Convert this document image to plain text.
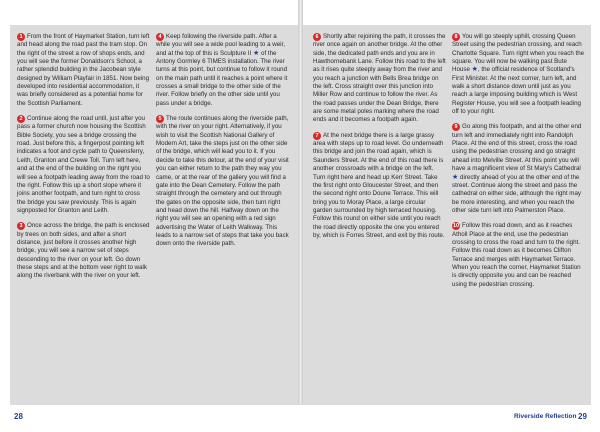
1 From the front of Haymarket Station, turn left and head along the road past the tram stop. On the right of the street a row of shops ends, and you will see the former Donaldson's School, a rather splendid building in the Jacobean style designed by William Playfair in 1851. Now being developed into residential accommodation, it was briefly considered as a potential home for the Scottish Parliament.

2 Continue along the road until, just after you pass a former church now housing the Scottish Bible Society, you see a bridge crossing the road. Just before this, a fingerpost pointing left indicates a foot and cycle path to Queensferry, Leith, Granton and Crewe Toll. Turn left here, and at the end of the building on the right you will see a footpath leading away from the road to the right. Follow this up a short slope where it joins another footpath, and turn right to cross the bridge you saw previously. This is again signposted for Granton and Leith.

3 Once across the bridge, the path is enclosed by trees on both sides, and after a short distance, just before it crosses another high bridge, you will see a narrow set of steps descending to the river on your left. Go down these steps and at the bottom veer right to walk along the riverbank with the river on your left.

4 Keep following the riverside path. After a while you will see a wide pool leading to a weir, and at the top of this is Sculpture II ★ of the Antony Gormley 6 TIMES installation. The river turns at this point, but continue to follow it round on the main path until it reaches a point where it crosses a small bridge to the other side of the river. Follow briefly on the other side until you pass under a bridge.

5 The route continues along the riverside path, with the river on your right. Alternatively, if you wish to visit the Scottish National Gallery of Modern Art, take the steps just on the other side of the bridge, which will lead you to it. If you decide to take this detour, at the end of your visit you can either return to the path they way you came, or at the rear of the gallery you will find a gate into the Dean Cemetery. Follow the path straight through the cemetery and out through the gates on the opposite side, then turn right and head down the hill. Halfway down on the right you will see an opening with a red sign advertising the Water of Leith Walkway. This leads to a narrow set of steps that take you back down onto the riverside path.

6 Shortly after rejoining the path, it crosses the river once again on another bridge. At the other side, the dedicated path ends and you are in Hawthornebank Lane. Follow this road to the left as it rises quite steeply away from the river and you reach a junction with Bells Brea bridge on the left. Cross straight over this junction into Miller Row and continue to follow the river. As the road passes under the Dean Bridge, there are some metal poles marking where the road ends and it becomes a footpath again.

7 At the next bridge there is a large grassy area with steps up to road level. Go underneath this bridge and join the road again, which is Saunders Street. At the end of this road there is another crossroads with a bridge on the left. Turn right here and head up Kerr Street. Take the first right onto Gloucester Street, and then the second right onto Doune Terrace. This will bring you to Moray Place, a large circular garden surrounded by high terraced housing. Follow this round on either side until you reach the road directly opposite the one you entered by, which is Forres Street, and exit by this route.

8 You will go steeply uphill, crossing Queen Street using the pedestrian crossing, and reach Charlotte Square. Turn right when you reach the square. You will now be walking past Bute House ★, the official residence of Scotland's First Minister. At the next corner, turn left, and walk a short distance down until just as you reach a large imposing building which is West Register House, you will see a footpath leading off to your right.

9 Go along this footpath, and at the other end turn left and immediately right into Randolph Place. At the end of this street, cross the road using the pedestrian crossing and go straight ahead into Melville Street. At this point you will have a magnificent view of St Mary's Cathedral ★ directly ahead of you at the other end of the street. Continue along the street and pass the cathedral on either side, although the right may be more interesting, and when you reach the other side turn left into Palmerston Place.

10 Follow this road down, and as it reaches Atholl Place at the end, use the pedestrian crossing to cross the road and turn to the right. Follow this road down as it becomes Clifton Terrace and merges with Haymarket Terrace. When you reach the corner, Haymarket Station is directly opposite you and can be reached using the pedestrian crossing.

28	Riverside Reflection 29
